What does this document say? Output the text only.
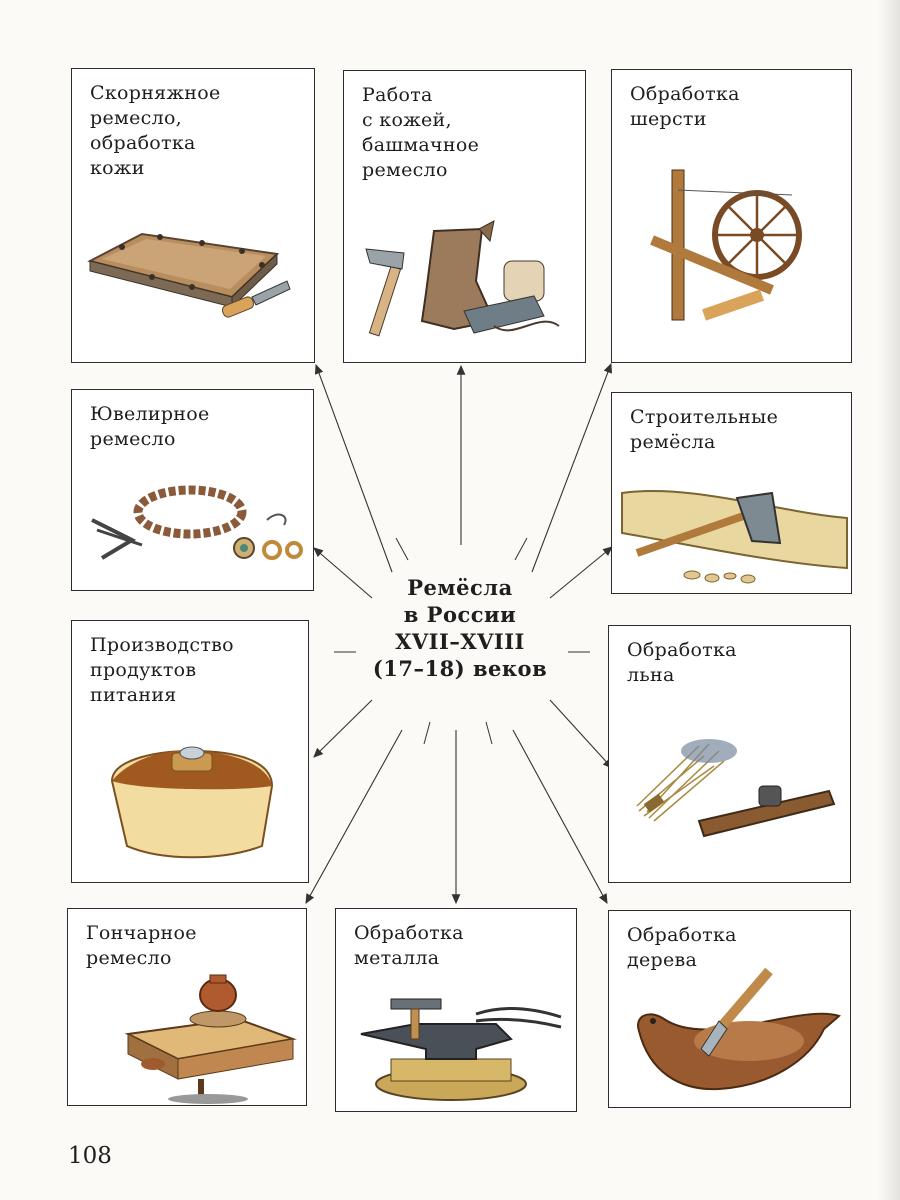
Скорняжное
ремесло,
обработка
кожи
Работа
с кожей,
башмачное
ремесло
Обработка
шерсти
Ювелирное
ремесло
Строительные
ремёсла
Производство
продуктов
питания
Обработка
льна
Гончарное
ремесло
Обработка
металла
Обработка
дерева
Ремёсла
в России
XVII–XVIII
(17–18) веков
108
